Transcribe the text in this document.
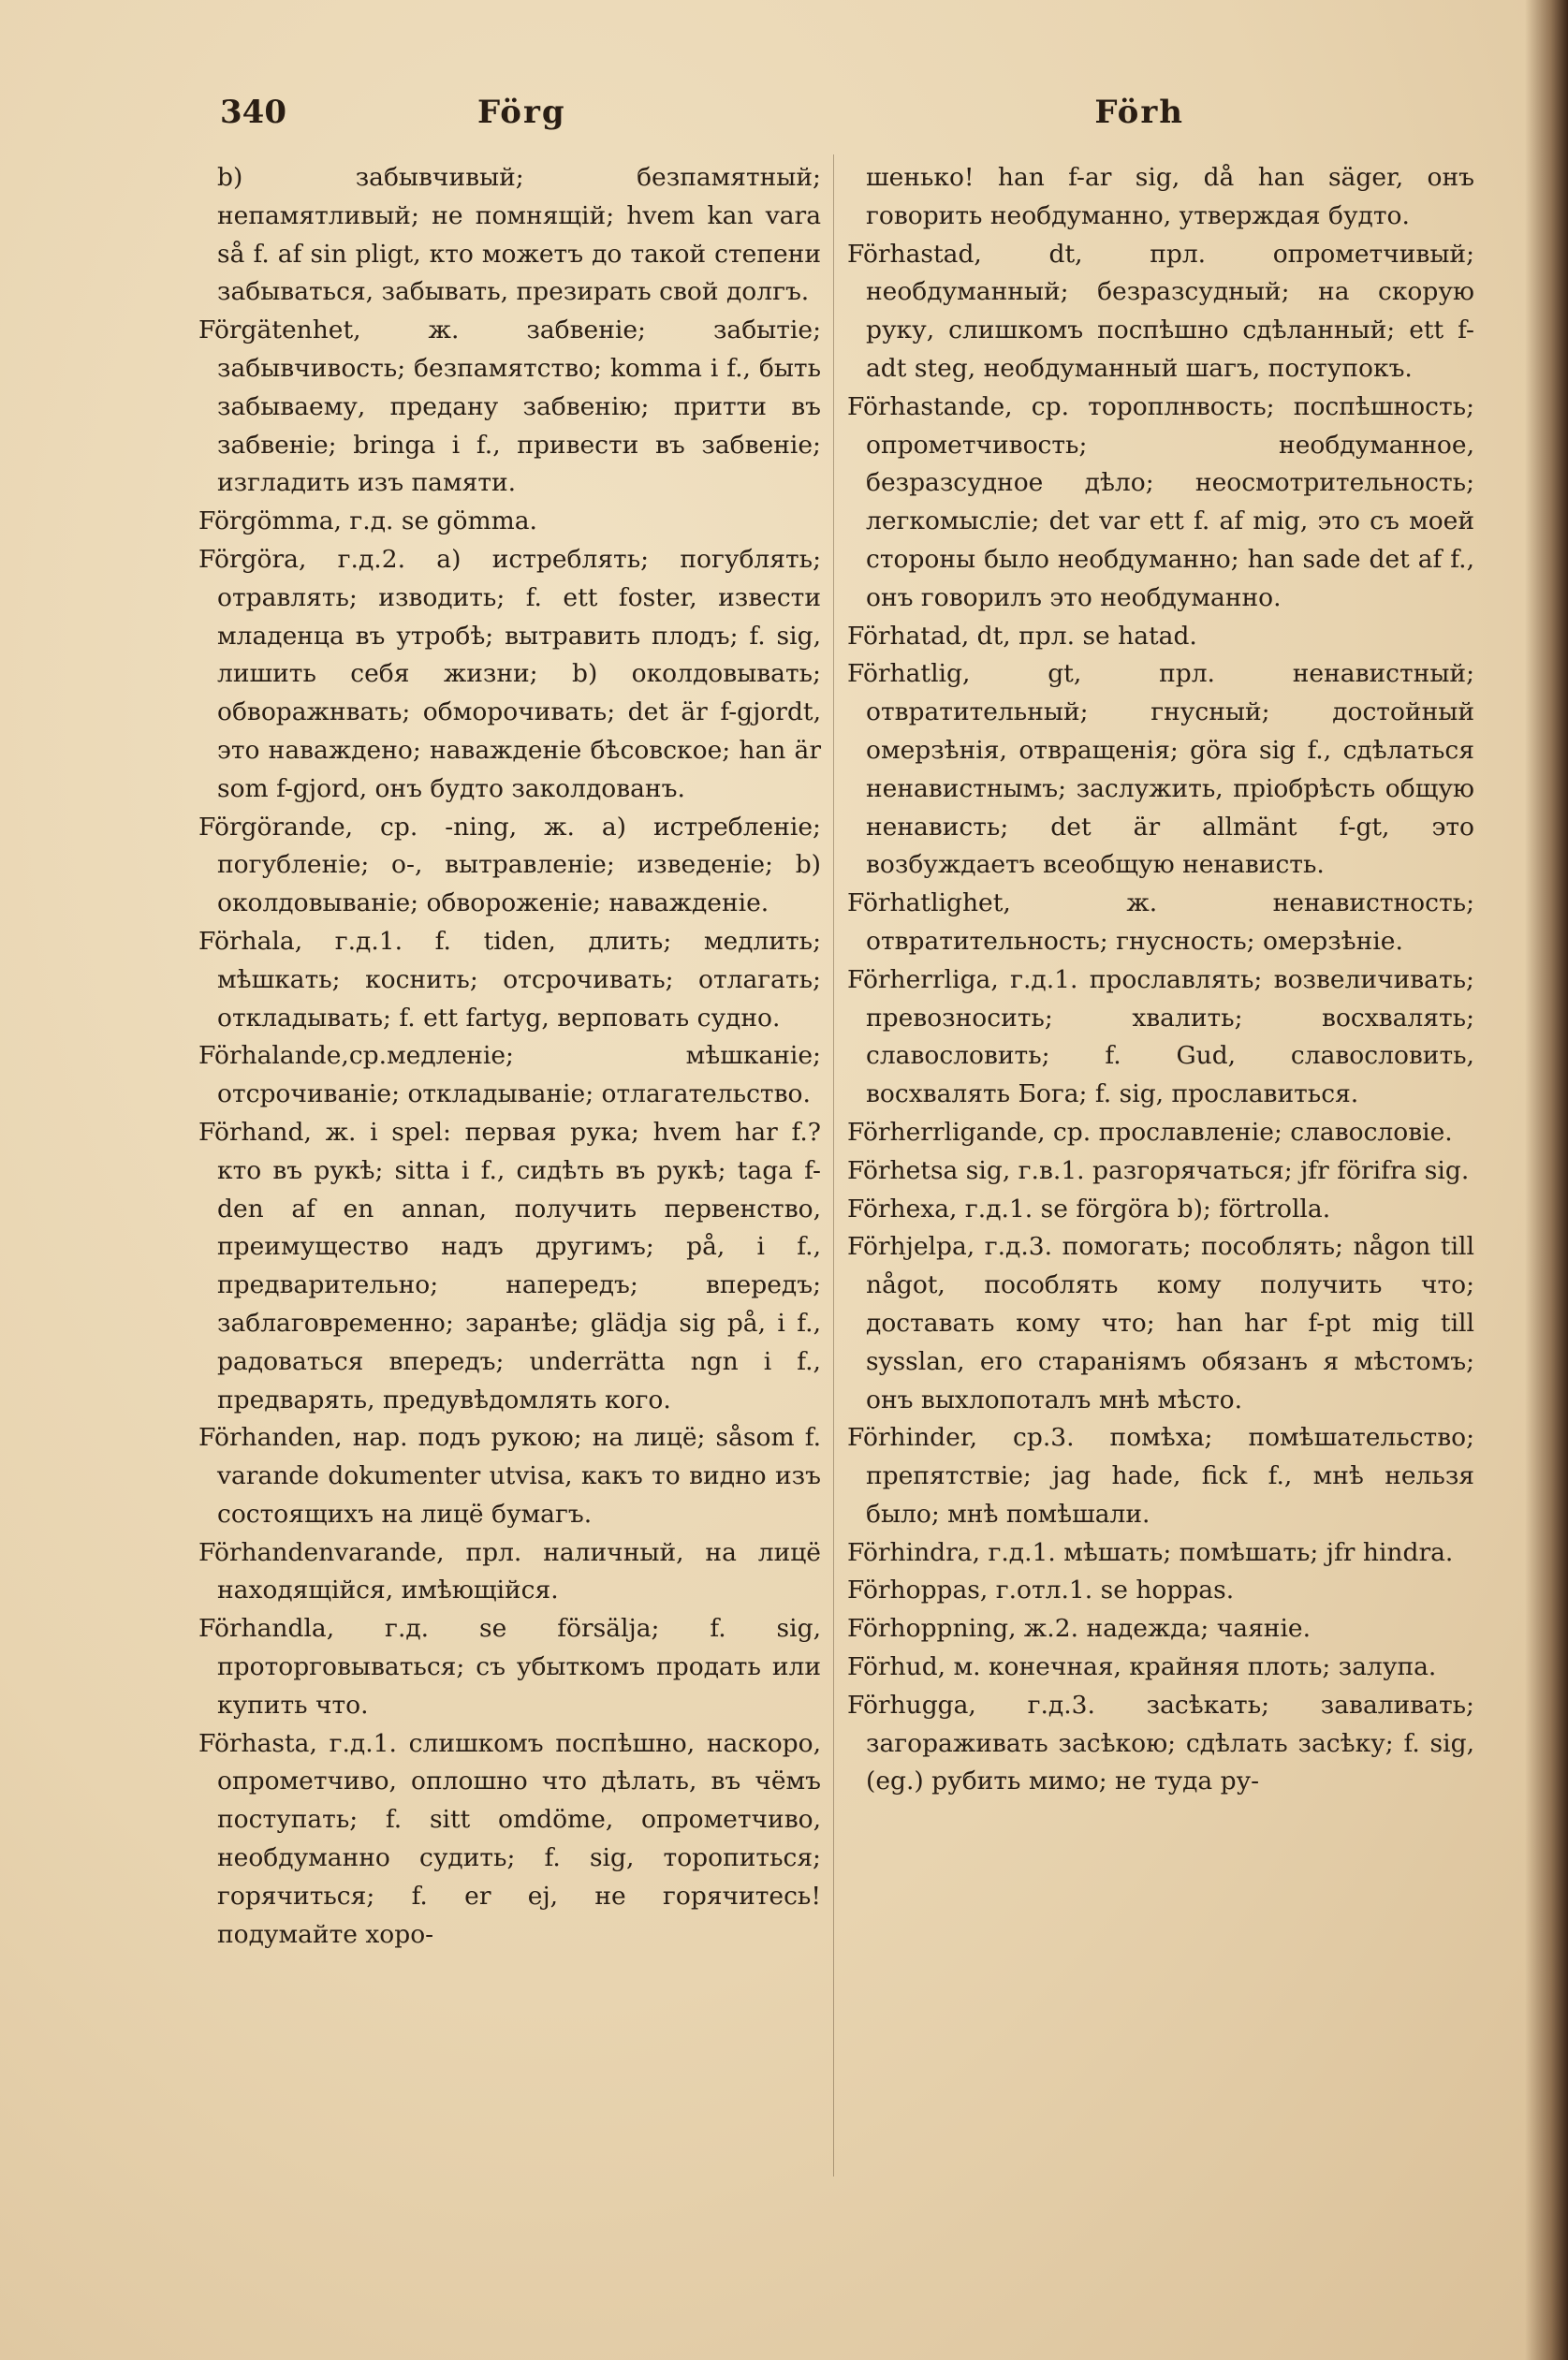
340	Förg	Förh

b) забывчивый; безпамятный; непамятливый; не помнящій; hvem kan vara så f. af sin pligt, кто можетъ до такой степени забываться, забывать, презирать свой долгъ.

Förgätenhet, ж. забвеніе; забытіе; забывчивость; безпамятство; komma i f., быть забываему, предану забвенію; притти въ забвеніе; bringa i f., привести въ забвеніе; изгладить изъ памяти.

Förgömma, г.д. se gömma.

Förgöra, г.д.2. a) истреблять; погублять; отравлять; изводить; f. ett foster, извести младенца въ утробѣ; вытравить плодъ; f. sig, лишить себя жизни; b) околдовывать; обворажнвать; обморочивать; det är f-gjordt, это наваждено; наважденіе бѣсовское; han är som f-gjord, онъ будто заколдованъ.

Förgörande, ср. -ning, ж. a) истребленіе; погубленіе; о-, вытравленіе; изведеніе; b) околдовываніе; обвороженіе; наважденіе.

Förhala, г.д.1. f. tiden, длить; медлить; мѣшкать; коснить; отсрочивать; отлагать; откладывать; f. ett fartyg, верповать судно.

Förhalande,ср.медленіе; мѣшканіе; отсрочиваніе; откладываніе; отлагательство.

Förhand, ж. i spel: первая рука; hvem har f.? кто въ рукѣ; sitta i f., сидѣть въ рукѣ; taga f-den af en annan, получить первенство, преимущество надъ другимъ; på, i f., предварительно; напередъ; впередъ; заблаговременно; заранѣе; glädja sig på, i f., радоваться впередъ; underrätta ngn i f., предварять, предувѣдомлять кого.

Förhanden, нар. подъ рукою; на лицё; såsom f. varande dokumenter utvisa, какъ то видно изъ состоящихъ на лицё бумагъ.

Förhandenvarande, прл. наличный, на лицё находящійся, имѣющійся.

Förhandla, г.д. se försälja; f. sig, проторговываться; съ убыткомъ продать или купить что.

Förhasta, г.д.1. слишкомъ поспѣшно, наскоро, опрометчиво, оплошно что дѣлать, въ чёмъ поступать; f. sitt omdöme, опрометчиво, необдуманно судить; f. sig, торопиться; горячиться; f. er ej, не горячитесь! подумайте хоро-

шенько! han f-ar sig, då han säger, онъ говорить необдуманно, утверждая будто.

Förhastad, dt, прл. опрометчивый; необдуманный; безразсудный; на скорую руку, слишкомъ поспѣшно сдѣланный; ett f-adt steg, необдуманный шагъ, поступокъ.

Förhastande, ср. тороплнвость; поспѣшность; опрометчивость; необдуманное, безразсудное дѣло; неосмотрительность; легкомысліе; det var ett f. af mig, это съ моей стороны было необдуманно; han sade det af f., онъ говорилъ это необдуманно.

Förhatad, dt, прл. se hatad.

Förhatlig, gt, прл. ненавистный; отвратительный; гнусный; достойный омерзѣнія, отвращенія; göra sig f., сдѣлаться ненавистнымъ; заслужить, пріобрѣсть общую ненависть; det är allmänt f-gt, это возбуждаетъ всеобщую ненависть.

Förhatlighet, ж. ненавистность; отвратительность; гнусность; омерзѣніе.

Förherrliga, г.д.1. прославлять; возвеличивать; превозносить; хвалить; восхвалять; славословить; f. Gud, славословить, восхвалять Бога; f. sig, прославиться.

Förherrligande, ср. прославленіе; славословіе.

Förhetsa sig, г.в.1. разгорячаться; jfr förifra sig.

Förhexa, г.д.1. se förgöra b); förtrolla.

Förhjelpa, г.д.3. помогать; пособлять; någon till något, пособлять кому получить что; доставать кому что; han har f-pt mig till sysslan, его стараніямъ обязанъ я мѣстомъ; онъ выхлопоталъ мнѣ мѣсто.

Förhinder, ср.3. помѣха; помѣшательство; препятствіе; jag hade, fick f., мнѣ нельзя было; мнѣ помѣшали.

Förhindra, г.д.1. мѣшать; помѣшать; jfr hindra.

Förhoppas, г.отл.1. se hoppas.

Förhoppning, ж.2. надежда; чаяніе.

Förhud, м. конечная, крайняя плоть; залупа.

Förhugga, г.д.3. засѣкать; заваливать; загораживать засѣкою; сдѣлать засѣку; f. sig, (eg.) рубить мимо; не туда ру-
